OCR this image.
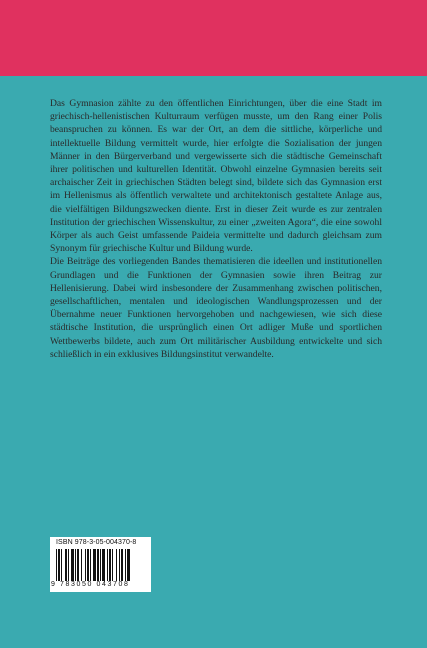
Das Gymnasion zählte zu den öffentlichen Einrichtungen, über die eine Stadt im griechisch-hellenistischen Kulturraum verfügen musste, um den Rang einer Polis beanspruchen zu können. Es war der Ort, an dem die sittliche, körperliche und intellektuelle Bildung vermittelt wurde, hier erfolgte die Sozialisation der jungen Männer in den Bürgerverband und vergewisserte sich die städtische Gemeinschaft ihrer politischen und kulturellen Identität. Obwohl einzelne Gymnasien bereits seit archaischer Zeit in griechischen Städten belegt sind, bildete sich das Gymnasion erst im Hellenismus als öffentlich verwaltete und architektonisch gestaltete Anlage aus, die vielfältigen Bildungszwecken diente. Erst in dieser Zeit wurde es zur zentralen Institution der griechischen Wissenskultur, zu einer „zweiten Agora“, die eine sowohl Körper als auch Geist umfassende Paideia vermittelte und dadurch gleichsam zum Synonym für griechische Kultur und Bildung wurde.

Die Beiträge des vorliegenden Bandes thematisieren die ideellen und institutionellen Grundlagen und die Funktionen der Gymnasien sowie ihren Beitrag zur Hellenisierung. Dabei wird insbesondere der Zusammenhang zwischen politischen, gesellschaftlichen, mentalen und ideologischen Wandlungsprozessen und der Übernahme neuer Funktionen hervorgehoben und nachgewiesen, wie sich diese städtische Institution, die ursprünglich einen Ort adliger Muße und sportlichen Wettbewerbs bildete, auch zum Ort militärischer Ausbildung entwickelte und sich schließlich in ein exklusives Bildungsinstitut verwandelte.

ISBN 978-3-05-004370-8
9 783050 043708
